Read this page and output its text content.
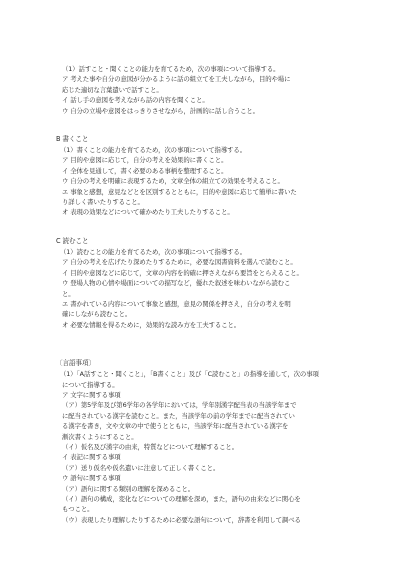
（1）話すこと・聞くことの能力を育てるため，次の事項について指導する。
ア 考えた事や自分の意図が分かるように話の組立てを工夫しながら，目的や場に
応じた適切な言葉遣いで話すこと。
イ 話し手の意図を考えながら話の内容を聞くこと。
ウ 自分の立場や意図をはっきりさせながら，計画的に話し合うこと。
B 書くこと
（1）書くことの能力を育てるため，次の事項について指導する。
ア 目的や意図に応じて，自分の考えを効果的に書くこと。
イ 全体を見通して，書く必要のある事柄を整理すること。
ウ 自分の考えを明確に表現するため，文章全体の組立ての効果を考えること。
エ 事象と感想，意見などとを区別するとともに，目的や意図に応じて簡単に書いた
り詳しく書いたりすること。
オ 表現の効果などについて確かめたり工夫したりすること。
C 読むこと
（1）読むことの能力を育てるため，次の事項について指導する。
ア 自分の考えを広げたり深めたりするために，必要な図書資料を選んで読むこと。
イ 目的や意図などに応じて，文章の内容を的確に押さえながら要旨をとらえること。
ウ 登場人物の心情や場面についての描写など，優れた叙述を味わいながら読むこ
と。
エ 書かれている内容について事象と感想，意見の関係を押さえ，自分の考えを明
確にしながら読むこと。
オ 必要な情報を得るために，効果的な読み方を工夫すること。
〔言語事項〕
（1）「A話すこと・聞くこと」，「B書くこと」及び「C読むこと」の指導を通して，次の事項
について指導する。
ア 文字に関する事項
（ア）第5学年及び第6学年の各学年においては，学年別漢字配当表の当該学年まで
に配当されている漢字を読むこと。また，当該学年の前の学年までに配当されてい
る漢字を書き，文や文章の中で使うとともに，当該学年に配当されている漢字を
漸次書くようにすること。
（イ）仮名及び漢字の由来，特質などについて理解すること。
イ 表記に関する事項
（ア）送り仮名や仮名遣いに注意して正しく書くこと。
ウ 語句に関する事項
（ア）語句に関する類別の理解を深めること。
（イ）語句の構成，変化などについての理解を深め，また，語句の由来などに関心を
もつこと。
（ウ）表現したり理解したりするために必要な語句について，辞書を利用して調べる
